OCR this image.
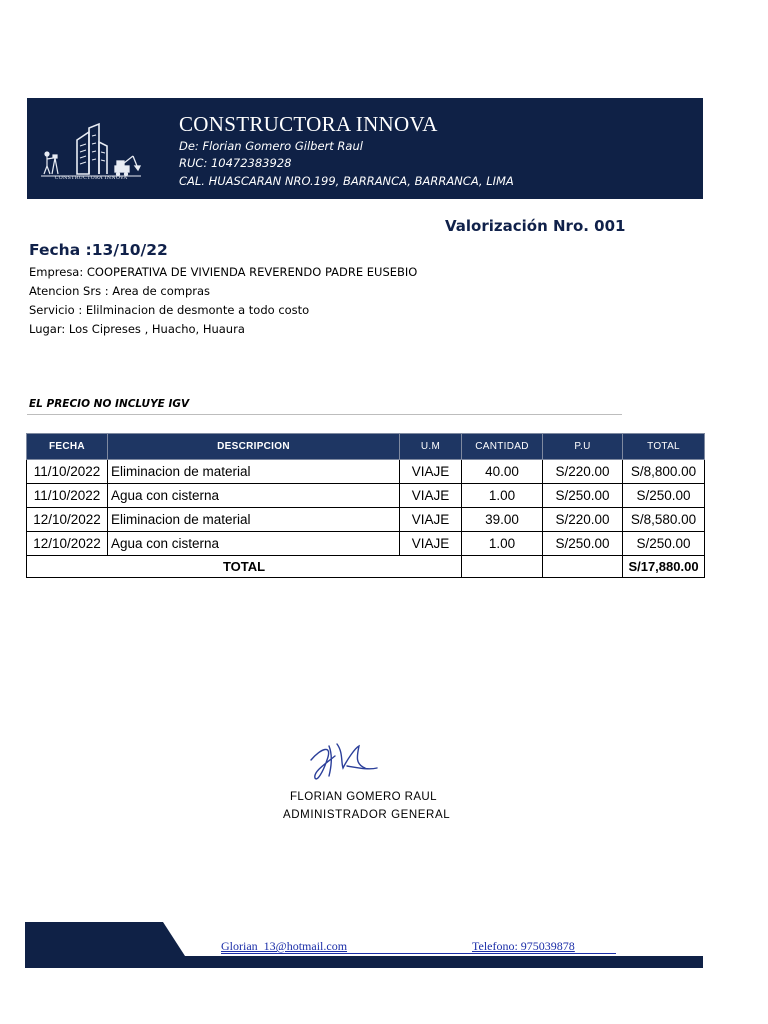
CONSTRUCTORA INNOVA
CONSTRUCTORA INNOVA
De: Florian Gomero Gilbert Raul
RUC: 10472383928
CAL. HUASCARAN NRO.199, BARRANCA, BARRANCA, LIMA
Valorización Nro. 001
Fecha :13/10/22
Empresa: COOPERATIVA DE VIVIENDA REVERENDO PADRE EUSEBIO
Atencion Srs : Area de compras
Servicio : Elilminacion de desmonte a todo costo
Lugar: Los Cipreses , Huacho, Huaura
EL PRECIO NO INCLUYE IGV
FECHA	DESCRIPCION	U.M	CANTIDAD	P.U	TOTAL
11/10/2022	Eliminacion de material	VIAJE	40.00	S/220.00	S/8,800.00
11/10/2022	Agua con cisterna	VIAJE	1.00	S/250.00	S/250.00
12/10/2022	Eliminacion de material	VIAJE	39.00	S/220.00	S/8,580.00
12/10/2022	Agua con cisterna	VIAJE	1.00	S/250.00	S/250.00
TOTAL					S/17,880.00
FLORIAN GOMERO RAUL
ADMINISTRADOR GENERAL
Glorian_13@hotmail.com	Telefono: 975039878
